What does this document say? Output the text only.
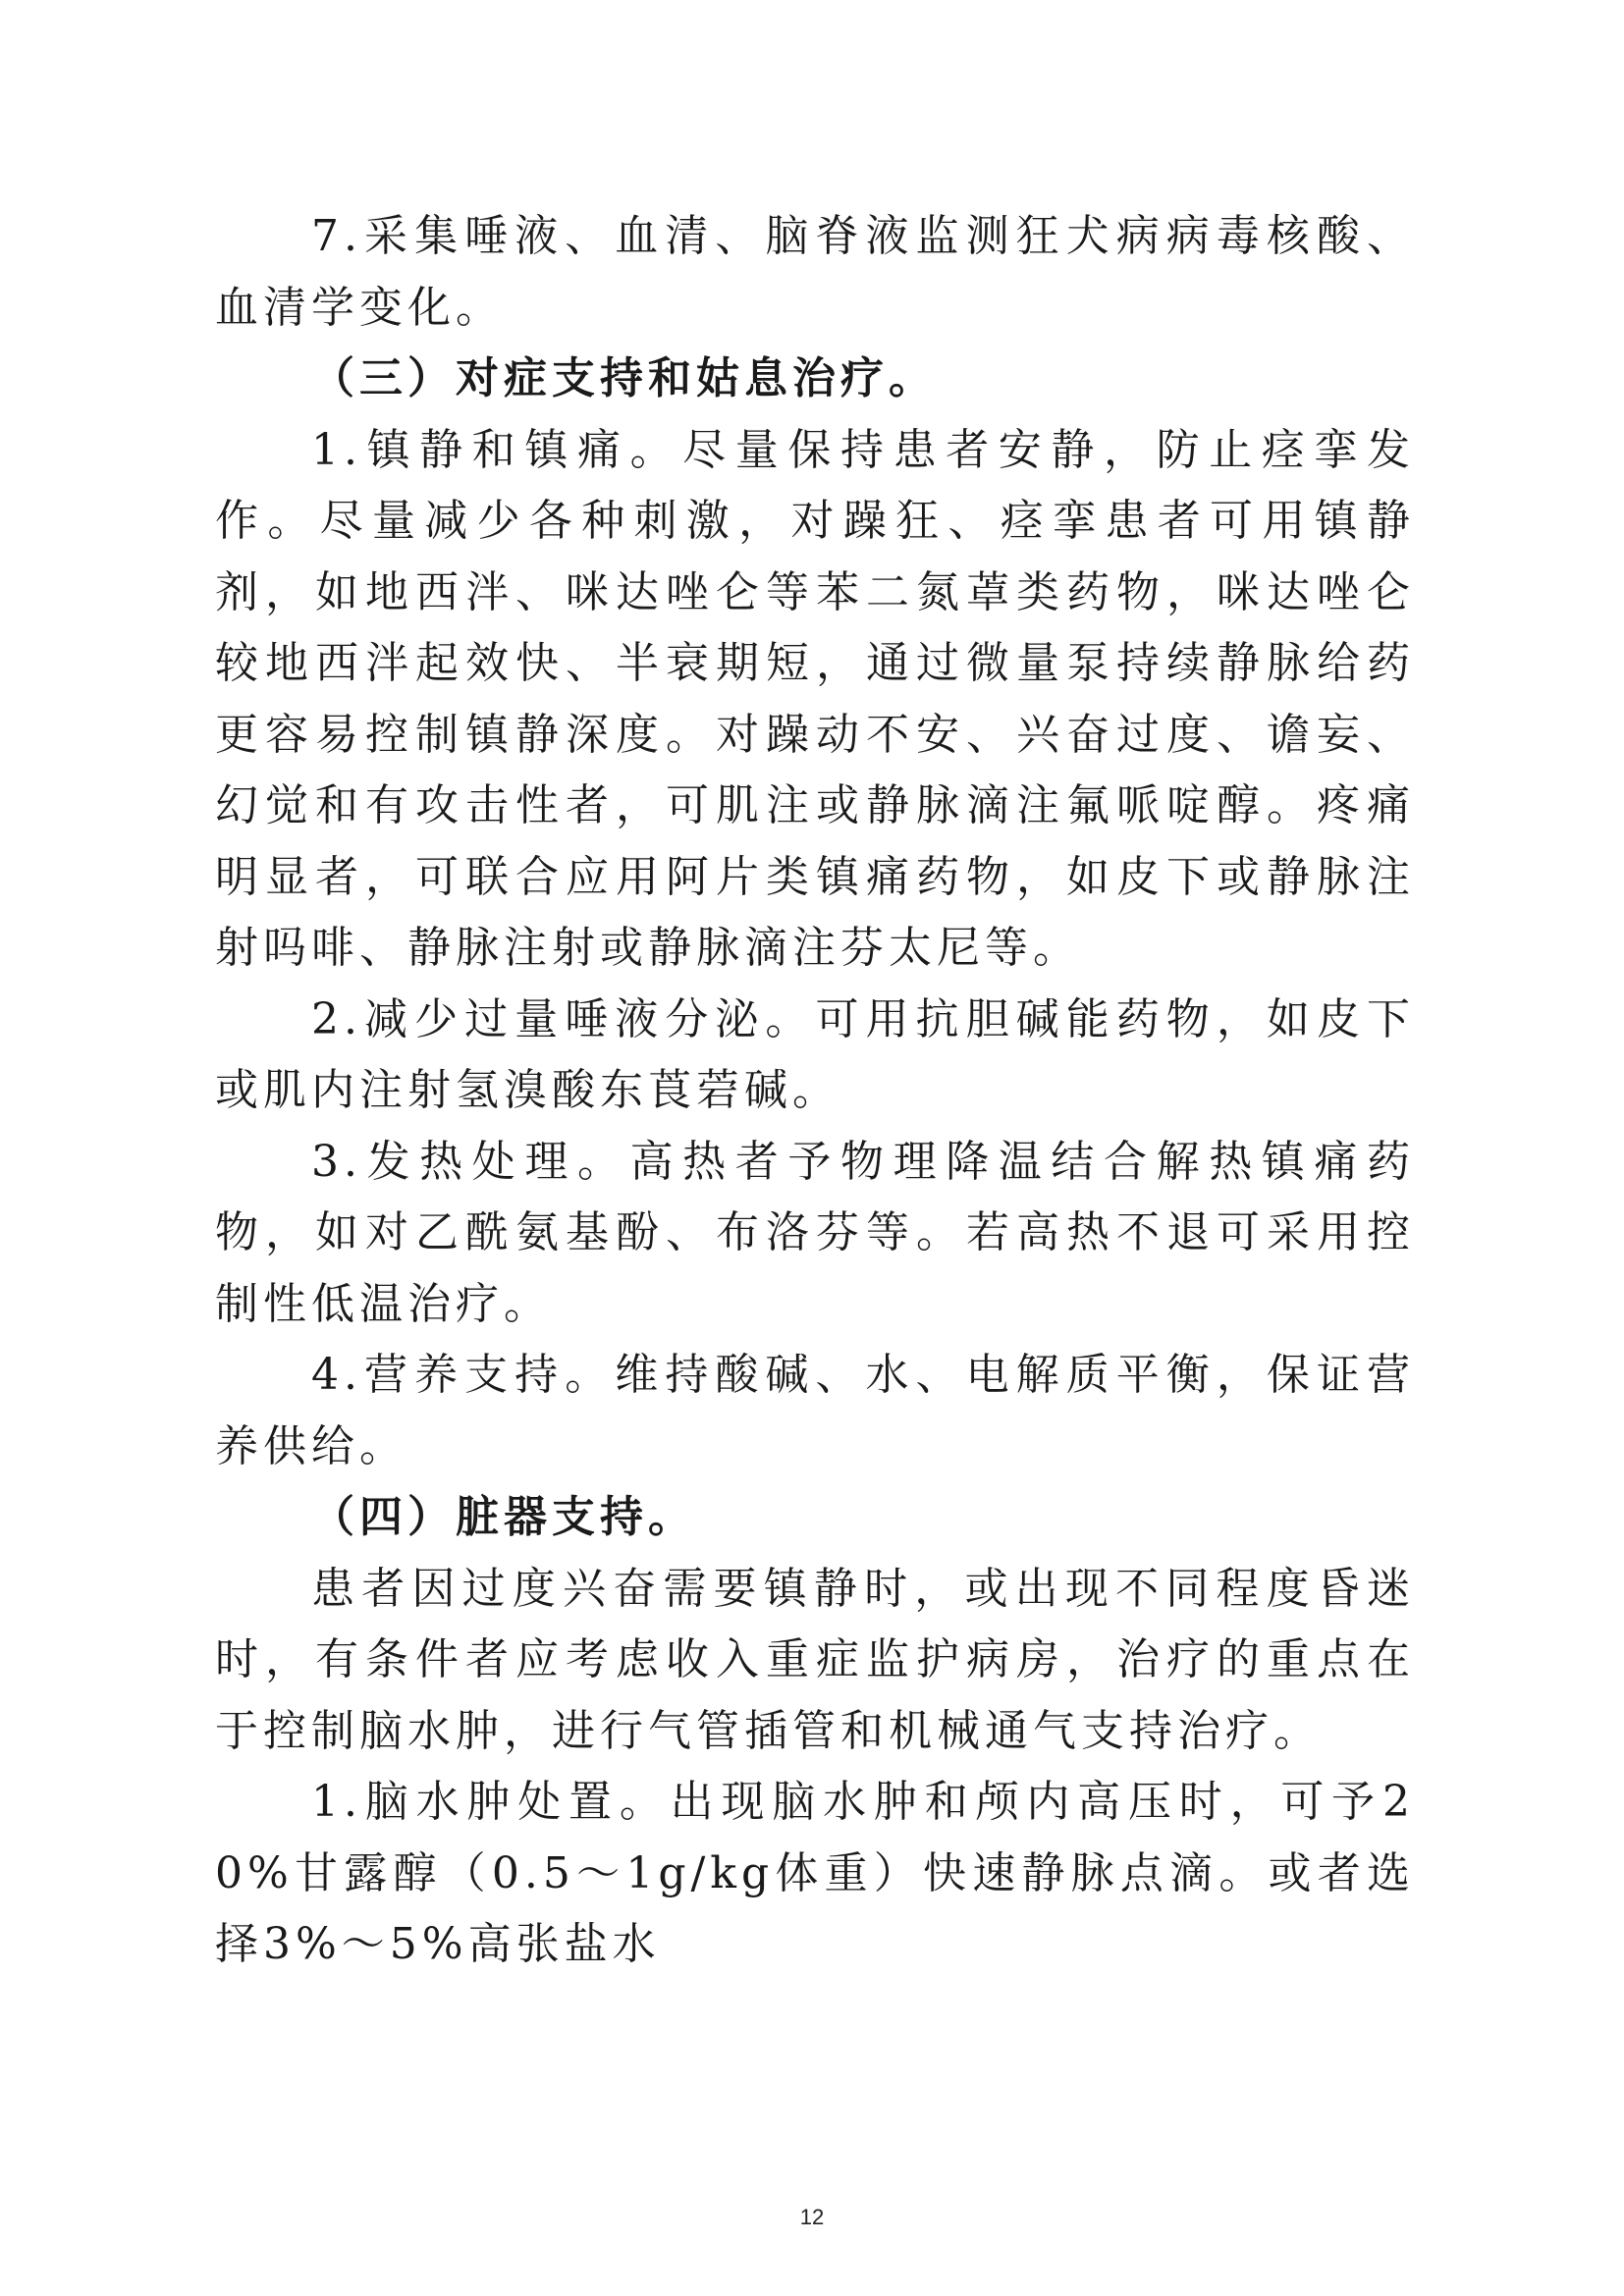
7.采集唾液、血清、脑脊液监测狂犬病病毒核酸、血清学变化。

（三）对症支持和姑息治疗。

1.镇静和镇痛。尽量保持患者安静，防止痉挛发作。尽量减少各种刺激，对躁狂、痉挛患者可用镇静剂，如地西泮、咪达唑仑等苯二氮䓬类药物，咪达唑仑较地西泮起效快、半衰期短，通过微量泵持续静脉给药更容易控制镇静深度。对躁动不安、兴奋过度、谵妄、幻觉和有攻击性者，可肌注或静脉滴注氟哌啶醇。疼痛明显者，可联合应用阿片类镇痛药物，如皮下或静脉注射吗啡、静脉注射或静脉滴注芬太尼等。

2.减少过量唾液分泌。可用抗胆碱能药物，如皮下或肌内注射氢溴酸东莨菪碱。

3.发热处理。高热者予物理降温结合解热镇痛药物，如对乙酰氨基酚、布洛芬等。若高热不退可采用控制性低温治疗。

4.营养支持。维持酸碱、水、电解质平衡，保证营养供给。

（四）脏器支持。

患者因过度兴奋需要镇静时，或出现不同程度昏迷时，有条件者应考虑收入重症监护病房，治疗的重点在于控制脑水肿，进行气管插管和机械通气支持治疗。

1.脑水肿处置。出现脑水肿和颅内高压时，可予20%甘露醇（0.5～1g/kg体重）快速静脉点滴。或者选择3%～5%高张盐水

12
